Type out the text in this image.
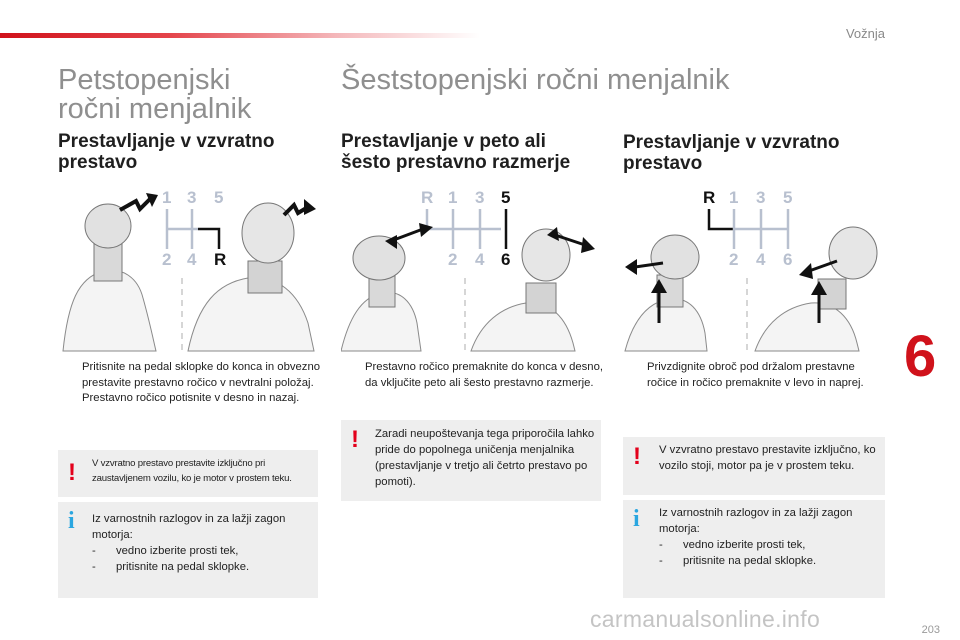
Vožnja
Petstopenjski
ročni menjalnik
Šeststopenjski ročni menjalnik
Prestavljanje v vzvratno
prestavo
Prestavljanje v peto ali
šesto prestavno razmerje
Prestavljanje v vzvratno
prestavo
1 3 5
2 4 R
R 1 3
2 4
5
6
R 1 3 5
2 4 6
Pritisnite na pedal sklopke do konca in obvezno prestavite prestavno ročico v nevtralni položaj.
Prestavno ročico potisnite v desno in nazaj.
Prestavno ročico premaknite do konca v desno, da vključite peto ali šesto prestavno razmerje.
Privzdignite obroč pod držalom prestavne ročice in ročico premaknite v levo in naprej.
! V vzvratno prestavo prestavite izključno pri zaustavljenem vozilu, ko je motor v prostem teku.
i Iz varnostnih razlogov in za lažji zagon motorja:
- vedno izberite prosti tek,
- pritisnite na pedal sklopke.
! Zaradi neupoštevanja tega priporočila lahko pride do popolnega uničenja menjalnika (prestavljanje v tretjo ali četrto prestavo po pomoti).
! V vzvratno prestavo prestavite izključno, ko vozilo stoji, motor pa je v prostem teku.
i Iz varnostnih razlogov in za lažji zagon motorja:
- vedno izberite prosti tek,
- pritisnite na pedal sklopke.
6
carmanualsonline.info	203
